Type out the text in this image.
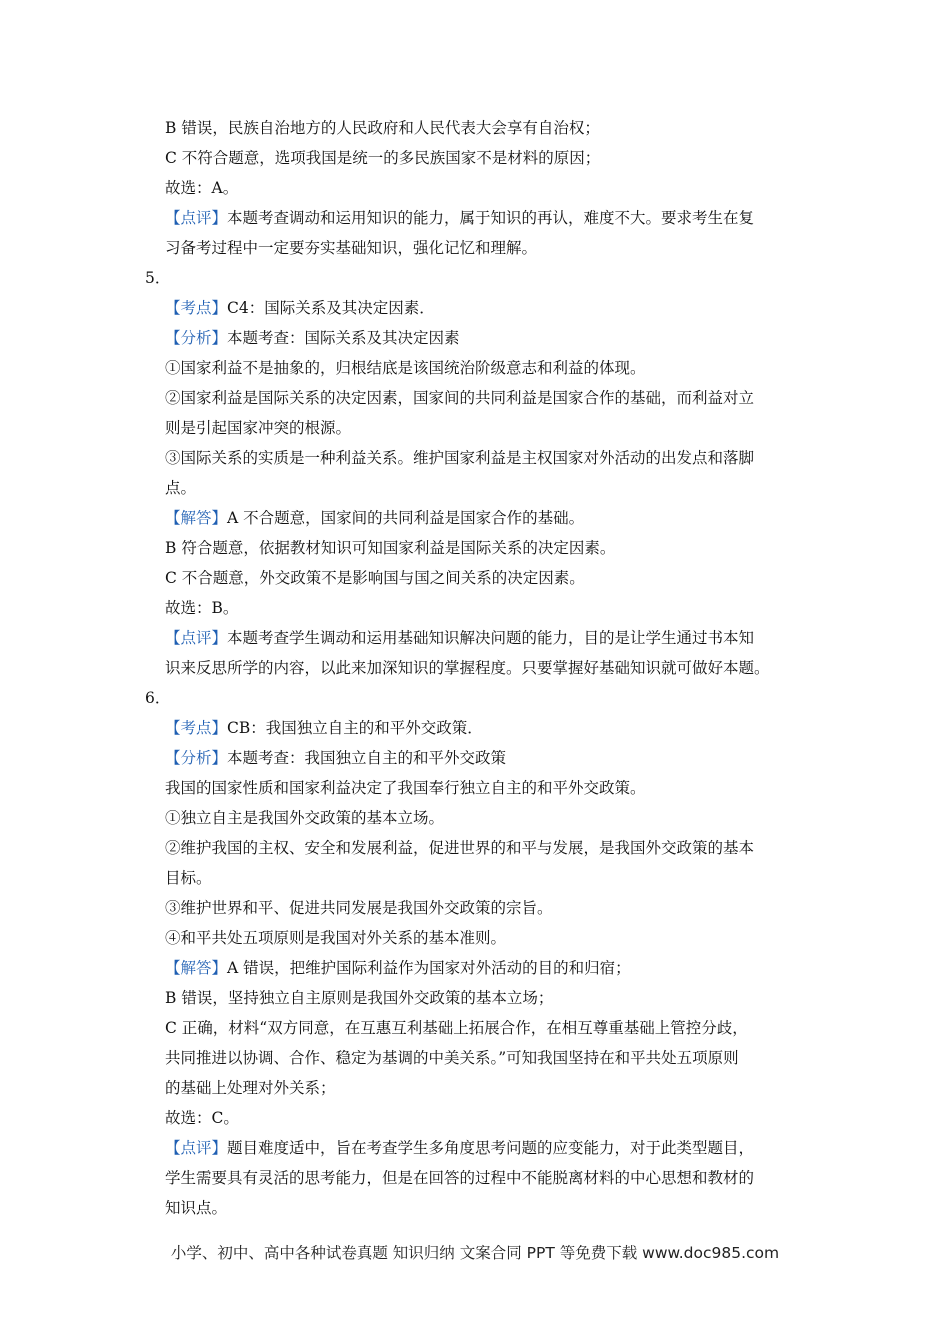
B 错误，民族自治地方的人民政府和人民代表大会享有自治权；
C 不符合题意，选项我国是统一的多民族国家不是材料的原因；
故选：A。
【点评】本题考查调动和运用知识的能力，属于知识的再认，难度不大。要求考生在复
习备考过程中一定要夯实基础知识，强化记忆和理解。
5．
【考点】C4：国际关系及其决定因素．
【分析】本题考查：国际关系及其决定因素
①国家利益不是抽象的，归根结底是该国统治阶级意志和利益的体现。
②国家利益是国际关系的决定因素，国家间的共同利益是国家合作的基础，而利益对立
则是引起国家冲突的根源。
③国际关系的实质是一种利益关系。维护国家利益是主权国家对外活动的出发点和落脚
点。
【解答】A 不合题意，国家间的共同利益是国家合作的基础。
B 符合题意，依据教材知识可知国家利益是国际关系的决定因素。
C 不合题意，外交政策不是影响国与国之间关系的决定因素。
故选：B。
【点评】本题考查学生调动和运用基础知识解决问题的能力，目的是让学生通过书本知
识来反思所学的内容，以此来加深知识的掌握程度。只要掌握好基础知识就可做好本题。
6．
【考点】CB：我国独立自主的和平外交政策．
【分析】本题考查：我国独立自主的和平外交政策
我国的国家性质和国家利益决定了我国奉行独立自主的和平外交政策。
①独立自主是我国外交政策的基本立场。
②维护我国的主权、安全和发展利益，促进世界的和平与发展，是我国外交政策的基本
目标。
③维护世界和平、促进共同发展是我国外交政策的宗旨。
④和平共处五项原则是我国对外关系的基本准则。
【解答】A 错误，把维护国际利益作为国家对外活动的目的和归宿；
B 错误，坚持独立自主原则是我国外交政策的基本立场；
C 正确，材料“双方同意，在互惠互利基础上拓展合作，在相互尊重基础上管控分歧，
共同推进以协调、合作、稳定为基调的中美关系。”可知我国坚持在和平共处五项原则
的基础上处理对外关系；
故选：C。
【点评】题目难度适中，旨在考查学生多角度思考问题的应变能力，对于此类型题目，
学生需要具有灵活的思考能力，但是在回答的过程中不能脱离材料的中心思想和教材的
知识点。
小学、初中、高中各种试卷真题 知识归纳 文案合同 PPT 等免费下载 www.doc985.com
